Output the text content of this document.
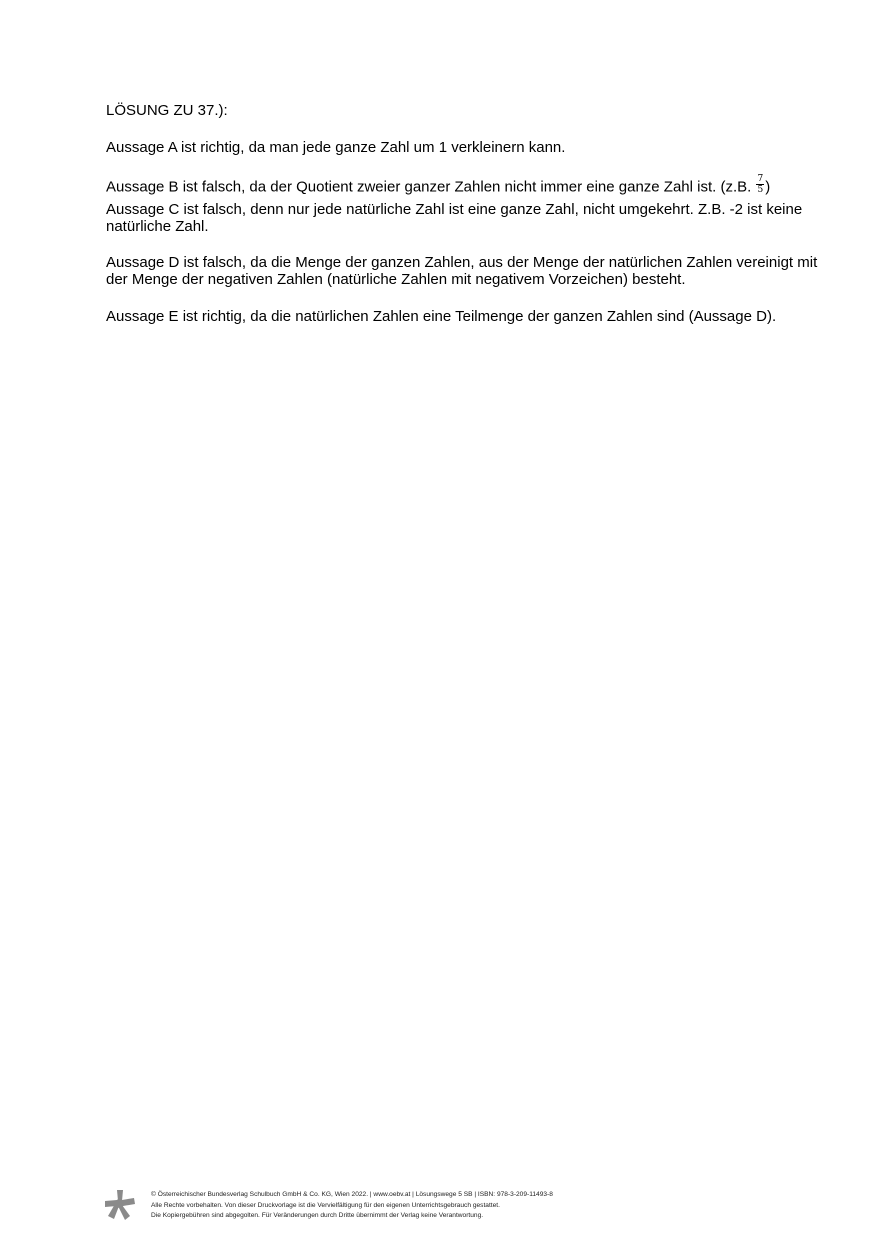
LÖSUNG ZU 37.):
Aussage A ist richtig, da man jede ganze Zahl um 1 verkleinern kann.
Aussage B ist falsch, da der Quotient zweier ganzer Zahlen nicht immer eine ganze Zahl ist. (z.B. $\frac{7}{5}$ )
Aussage C ist falsch, denn nur jede natürliche Zahl ist eine ganze Zahl, nicht umgekehrt. Z.B. -2 ist keine natürliche Zahl.
Aussage D ist falsch, da die Menge der ganzen Zahlen, aus der Menge der natürlichen Zahlen vereinigt mit der Menge der negativen Zahlen (natürliche Zahlen mit negativem Vorzeichen) besteht.
Aussage E ist richtig, da die natürlichen Zahlen eine Teilmenge der ganzen Zahlen sind (Aussage D).
© Österreichischer Bundesverlag Schulbuch GmbH & Co. KG, Wien 2022. | www.oebv.at | Lösungswege 5 SB | ISBN: 978-3-209-11493-8
Alle Rechte vorbehalten. Von dieser Druckvorlage ist die Vervielfältigung für den eigenen Unterrichtsgebrauch gestattet.
Die Kopiergebühren sind abgegolten. Für Veränderungen durch Dritte übernimmt der Verlag keine Verantwortung.
